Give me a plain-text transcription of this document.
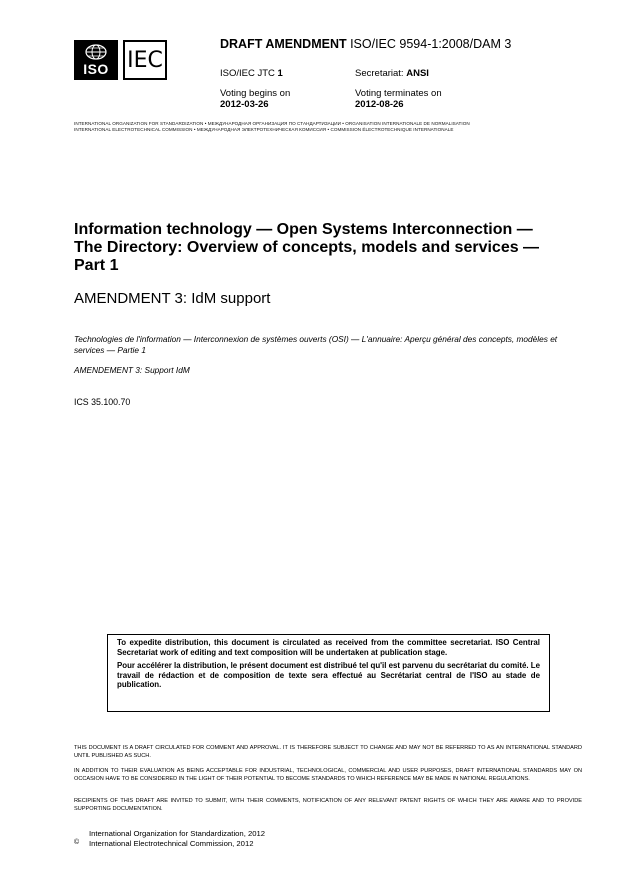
ISO IEC
DRAFT AMENDMENT ISO/IEC 9594-1:2008/DAM 3
ISO/IEC JTC 1	Secretariat: ANSI
Voting begins on
2012-03-26
Voting terminates on
2012-08-26
INTERNATIONAL ORGANIZATION FOR STANDARDIZATION • МЕЖДУНАРОДНАЯ ОРГАНИЗАЦИЯ ПО СТАНДАРТИЗАЦИИ • ORGANISATION INTERNATIONALE DE NORMALISATION
INTERNATIONAL ELECTROTECHNICAL COMMISSION • МЕЖДУНАРОДНАЯ ЭЛЕКТРОТЕХНИЧЕСКАЯ КОМИССИЯ • COMMISSION ÉLECTROTECHNIQUE INTERNATIONALE
Information technology — Open Systems Interconnection —
The Directory: Overview of concepts, models and services —
Part 1
AMENDMENT 3: IdM support
Technologies de l'information — Interconnexion de systèmes ouverts (OSI) — L'annuaire: Aperçu général des concepts, modèles et services — Partie 1
AMENDEMENT 3: Support IdM
ICS 35.100.70

To expedite distribution, this document is circulated as received from the committee secretariat. ISO Central Secretariat work of editing and text composition will be undertaken at publication stage.

Pour accélérer la distribution, le présent document est distribué tel qu'il est parvenu du secrétariat du comité. Le travail de rédaction et de composition de texte sera effectué au Secrétariat central de l'ISO au stade de publication.

THIS DOCUMENT IS A DRAFT CIRCULATED FOR COMMENT AND APPROVAL. IT IS THEREFORE SUBJECT TO CHANGE AND MAY NOT BE REFERRED TO AS AN INTERNATIONAL STANDARD UNTIL PUBLISHED AS SUCH.

IN ADDITION TO THEIR EVALUATION AS BEING ACCEPTABLE FOR INDUSTRIAL, TECHNOLOGICAL, COMMERCIAL AND USER PURPOSES, DRAFT INTERNATIONAL STANDARDS MAY ON OCCASION HAVE TO BE CONSIDERED IN THE LIGHT OF THEIR POTENTIAL TO BECOME STANDARDS TO WHICH REFERENCE MAY BE MADE IN NATIONAL REGULATIONS.

RECIPIENTS OF THIS DRAFT ARE INVITED TO SUBMIT, WITH THEIR COMMENTS, NOTIFICATION OF ANY RELEVANT PATENT RIGHTS OF WHICH THEY ARE AWARE AND TO PROVIDE SUPPORTING DOCUMENTATION.

©
International Organization for Standardization, 2012
International Electrotechnical Commission, 2012
